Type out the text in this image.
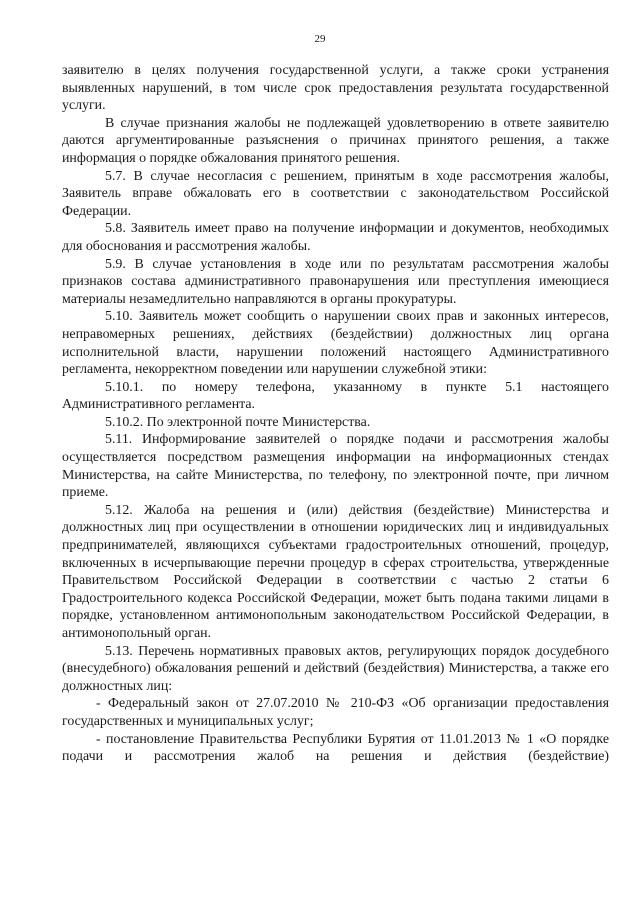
29

заявителю в целях получения государственной услуги, а также сроки устранения выявленных нарушений, в том числе срок предоставления результата государственной услуги.

В случае признания жалобы не подлежащей удовлетворению в ответе заявителю даются аргументированные разъяснения о причинах принятого решения, а также информация о порядке обжалования принятого решения.

5.7. В случае несогласия с решением, принятым в ходе рассмотрения жалобы, Заявитель вправе обжаловать его в соответствии с законодательством Российской Федерации.

5.8. Заявитель имеет право на получение информации и документов, необходимых для обоснования и рассмотрения жалобы.

5.9. В случае установления в ходе или по результатам рассмотрения жалобы признаков состава административного правонарушения или преступления имеющиеся материалы незамедлительно направляются в органы прокуратуры.

5.10. Заявитель может сообщить о нарушении своих прав и законных интересов, неправомерных решениях, действиях (бездействии) должностных лиц органа исполнительной власти, нарушении положений настоящего Административного регламента, некорректном поведении или нарушении служебной этики:

5.10.1. по номеру телефона, указанному в пункте 5.1 настоящего Административного регламента.

5.10.2. По электронной почте Министерства.

5.11. Информирование заявителей о порядке подачи и рассмотрения жалобы осуществляется посредством размещения информации на информационных стендах Министерства, на сайте Министерства, по телефону, по электронной почте, при личном приеме.

5.12. Жалоба на решения и (или) действия (бездействие) Министерства и должностных лиц при осуществлении в отношении юридических лиц и индивидуальных предпринимателей, являющихся субъектами градостроительных отношений, процедур, включенных в исчерпывающие перечни процедур в сферах строительства, утвержденные Правительством Российской Федерации в соответствии с частью 2 статьи 6 Градостроительного кодекса Российской Федерации, может быть подана такими лицами в порядке, установленном антимонопольным законодательством Российской Федерации, в антимонопольный орган.

5.13. Перечень нормативных правовых актов, регулирующих порядок досудебного (внесудебного) обжалования решений и действий (бездействия) Министерства, а также его должностных лиц:

- Федеральный закон от 27.07.2010 № 210-ФЗ «Об организации предоставления государственных и муниципальных услуг;

- постановление Правительства Республики Бурятия от 11.01.2013 № 1 «О порядке подачи и рассмотрения жалоб на решения и действия (бездействие)
